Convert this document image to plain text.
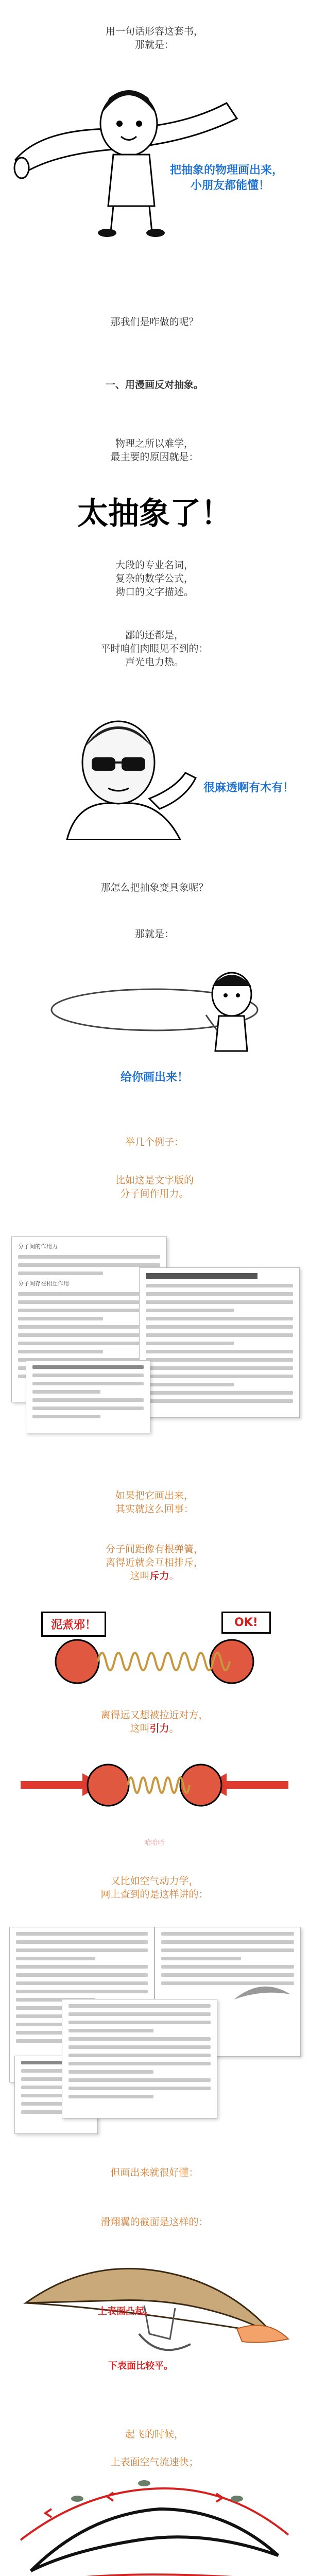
用一句话形容这套书，
那就是：
把抽象的物理画出来，
小朋友都能懂！
那我们是咋做的呢？
一、用漫画反对抽象。
物理之所以难学，
最主要的原因就是：
太抽象了！
大段的专业名词，
复杂的数学公式，
拗口的文字描述。
鄙的还都是，
平时咱们肉眼见不到的：
声光电力热。
很麻透啊有木有！
那怎么把抽象变具象呢？
那就是：
给你画出来！
举几个例子：
比如这是文字版的
分子间作用力。
分子间的作用力
分子间存在相互作用
如果把它画出来，
其实就这么回事：
分子间距像有根弹簧，
离得近就会互相排斥，
这叫斥力。
泥煮邪！	OK!
离得远又想被拉近对方，
这叫引力。
哈哈哈
又比如空气动力学，
网上查到的是这样讲的：
但画出来就很好懂：
滑翔翼的截面是这样的：
上表面凸起。
下表面比较平。
起飞的时候，
上表面空气流速快；
